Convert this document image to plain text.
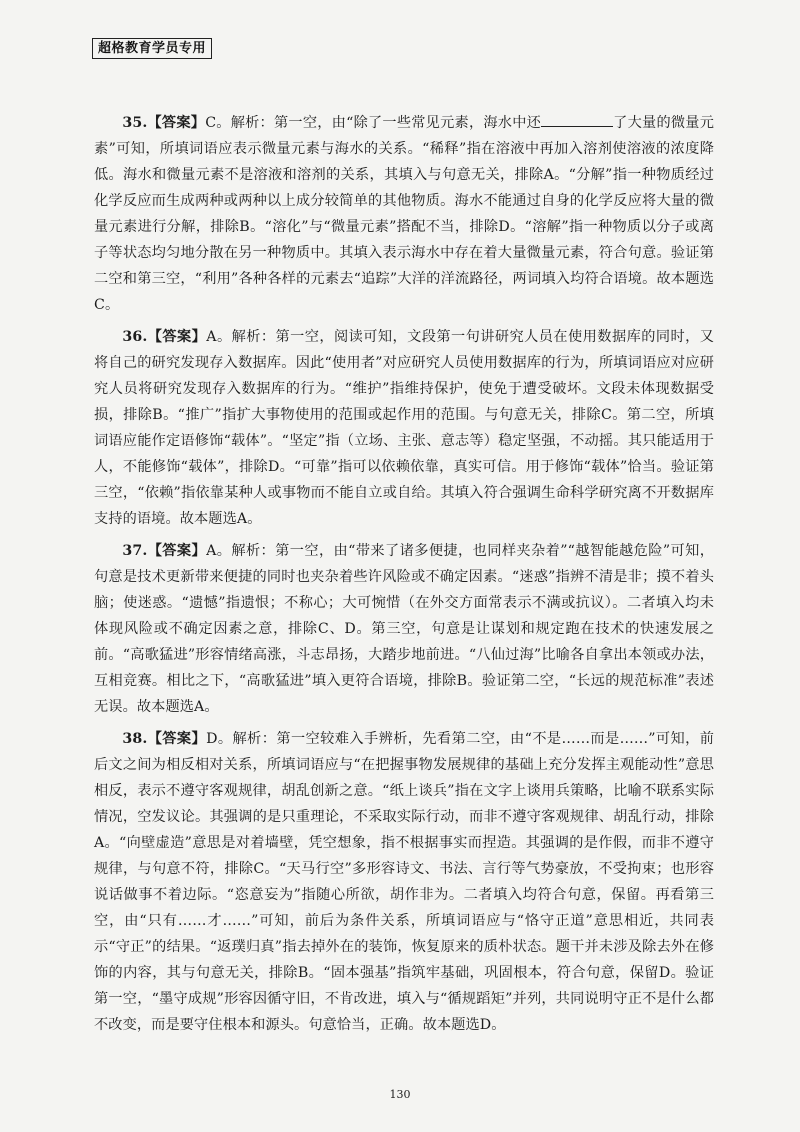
超格教育学员专用

35.【答案】C。解析：第一空，由“除了一些常见元素，海水中还	了大量的微量元素”可知，所填词语应表示微量元素与海水的关系。“稀释”指在溶液中再加入溶剂使溶液的浓度降低。海水和微量元素不是溶液和溶剂的关系，其填入与句意无关，排除A。“分解”指一种物质经过化学反应而生成两种或两种以上成分较简单的其他物质。海水不能通过自身的化学反应将大量的微量元素进行分解，排除B。“溶化”与“微量元素”搭配不当，排除D。“溶解”指一种物质以分子或离子等状态均匀地分散在另一种物质中。其填入表示海水中存在着大量微量元素，符合句意。验证第二空和第三空，“利用”各种各样的元素去“追踪”大洋的洋流路径，两词填入均符合语境。故本题选C。

36.【答案】A。解析：第一空，阅读可知，文段第一句讲研究人员在使用数据库的同时，又将自己的研究发现存入数据库。因此“使用者”对应研究人员使用数据库的行为，所填词语应对应研究人员将研究发现存入数据库的行为。“维护”指维持保护，使免于遭受破坏。文段未体现数据受损，排除B。“推广”指扩大事物使用的范围或起作用的范围。与句意无关，排除C。第二空，所填词语应能作定语修饰“载体”。“坚定”指（立场、主张、意志等）稳定坚强，不动摇。其只能适用于人，不能修饰“载体”，排除D。“可靠”指可以依赖依靠，真实可信。用于修饰“载体”恰当。验证第三空，“依赖”指依靠某种人或事物而不能自立或自给。其填入符合强调生命科学研究离不开数据库支持的语境。故本题选A。

37.【答案】A。解析：第一空，由“带来了诸多便捷，也同样夹杂着”“越智能越危险”可知，句意是技术更新带来便捷的同时也夹杂着些许风险或不确定因素。“迷惑”指辨不清是非；摸不着头脑；使迷惑。“遗憾”指遗恨；不称心；大可惋惜（在外交方面常表示不满或抗议）。二者填入均未体现风险或不确定因素之意，排除C、D。第三空，句意是让谋划和规定跑在技术的快速发展之前。“高歌猛进”形容情绪高涨，斗志昂扬，大踏步地前进。“八仙过海”比喻各自拿出本领或办法，互相竞赛。相比之下，“高歌猛进”填入更符合语境，排除B。验证第二空，“长远的规范标准”表述无误。故本题选A。

38.【答案】D。解析：第一空较难入手辨析，先看第二空，由“不是……而是……”可知，前后文之间为相反相对关系，所填词语应与“在把握事物发展规律的基础上充分发挥主观能动性”意思相反，表示不遵守客观规律，胡乱创新之意。“纸上谈兵”指在文字上谈用兵策略，比喻不联系实际情况，空发议论。其强调的是只重理论，不采取实际行动，而非不遵守客观规律、胡乱行动，排除A。“向壁虚造”意思是对着墙壁，凭空想象，指不根据事实而捏造。其强调的是作假，而非不遵守规律，与句意不符，排除C。“天马行空”多形容诗文、书法、言行等气势豪放，不受拘束；也形容说话做事不着边际。“恣意妄为”指随心所欲，胡作非为。二者填入均符合句意，保留。再看第三空，由“只有……才……”可知，前后为条件关系，所填词语应与“恪守正道”意思相近，共同表示“守正”的结果。“返璞归真”指去掉外在的装饰，恢复原来的质朴状态。题干并未涉及除去外在修饰的内容，其与句意无关，排除B。“固本强基”指筑牢基础，巩固根本，符合句意，保留D。验证第一空，“墨守成规”形容因循守旧，不肯改进，填入与“循规蹈矩”并列，共同说明守正不是什么都不改变，而是要守住根本和源头。句意恰当，正确。故本题选D。

130
